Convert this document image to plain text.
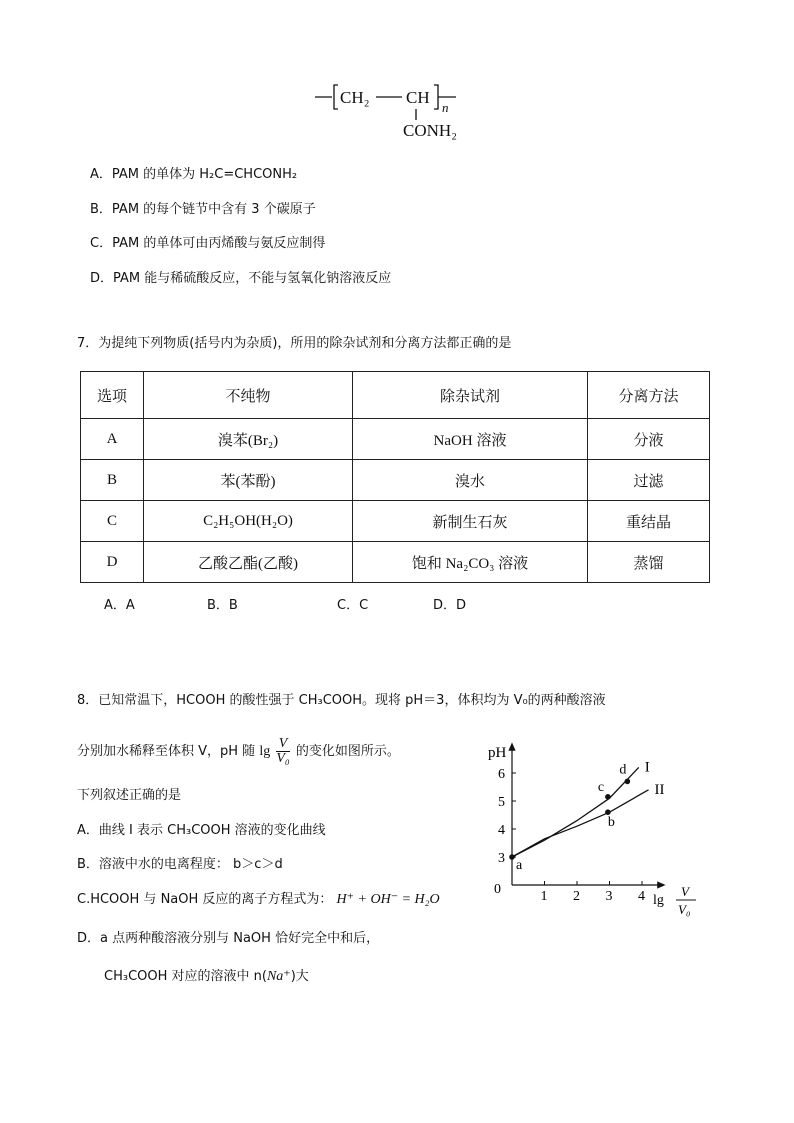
CH₂ CH
n
CONH₂
A．PAM 的单体为 H₂C=CHCONH₂
B．PAM 的每个链节中含有 3 个碳原子
C．PAM 的单体可由丙烯酸与氨反应制得
D．PAM 能与稀硫酸反应，不能与氢氧化钠溶液反应
7．为提纯下列物质(括号内为杂质)，所用的除杂试剂和分离方法都正确的是
选项	不纯物	除杂试剂	分离方法
A	溴苯(Br₂)	NaOH 溶液	分液
B	苯(苯酚)	溴水	过滤
C	C₂H₅OH(H₂O)	新制生石灰	重结晶
D	乙酸乙酯(乙酸)	饱和 Na₂CO₃ 溶液	蒸馏
A．A	B．B	C．C	D．D
8．已知常温下，HCOOH 的酸性强于 CH₃COOH。现将 pH＝3，体积均为 V₀的两种酸溶液
分别加水稀释至体积 V，pH 随 $\lg \frac{V}{\text{V₀}}$ 的变化如图所示。
下列叙述正确的是
A．曲线 I 表示 CH₃COOH 溶液的变化曲线
B．溶液中水的电离程度： b＞c＞d
C.HCOOH 与 NaOH 反应的离子方程式为： H⁺ + OH⁻ = H₂O
D．a 点两种酸溶液分别与 NaOH 恰好完全中和后，
CH₃COOH 对应的溶液中 n(Na⁺)大
pH
0
lg
V
V₀
1 2 3 4
3
4
5
6	I
II
a
b
c
d
